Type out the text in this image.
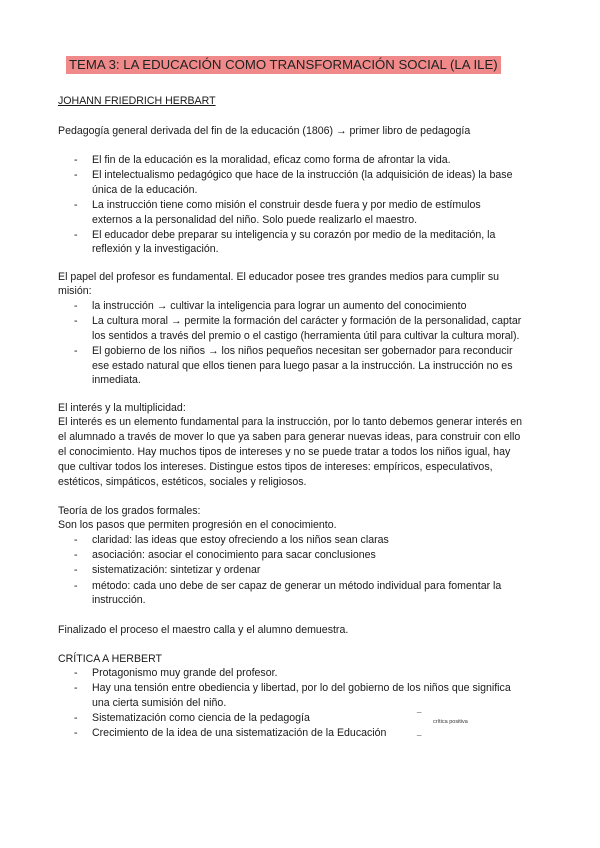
TEMA 3: LA EDUCACIÓN COMO TRANSFORMACIÓN SOCIAL (LA ILE)
JOHANN FRIEDRICH HERBART
Pedagogía general derivada del fin de la educación (1806) → primer libro de pedagogía
-	El fin de la educación es la moralidad, eficaz como forma de afrontar la vida.
-	El intelectualismo pedagógico que hace de la instrucción (la adquisición de ideas) la base
única de la educación.
-	La instrucción tiene como misión el construir desde fuera y por medio de estímulos
externos a la personalidad del niño. Solo puede realizarlo el maestro.
-	El educador debe preparar su inteligencia y su corazón por medio de la meditación, la
reflexión y la investigación.
El papel del profesor es fundamental. El educador posee tres grandes medios para cumplir su
misión:
-	la instrucción → cultivar la inteligencia para lograr un aumento del conocimiento
-	La cultura moral → permite la formación del carácter y formación de la personalidad, captar
los sentidos a través del premio o el castigo (herramienta útil para cultivar la cultura moral).
-	El gobierno de los niños → los niños pequeños necesitan ser gobernador para reconducir
ese estado natural que ellos tienen para luego pasar a la instrucción. La instrucción no es
inmediata.
El interés y la multiplicidad:
El interés es un elemento fundamental para la instrucción, por lo tanto debemos generar interés en
el alumnado a través de mover lo que ya saben para generar nuevas ideas, para construir con ello
el conocimiento. Hay muchos tipos de intereses y no se puede tratar a todos los niños igual, hay
que cultivar todos los intereses. Distingue estos tipos de intereses: empíricos, especulativos,
estéticos, simpáticos, estéticos, sociales y religiosos.
Teoría de los grados formales:
Son los pasos que permiten progresión en el conocimiento.
-	claridad: las ideas que estoy ofreciendo a los niños sean claras
-	asociación: asociar el conocimiento para sacar conclusiones
-	sistematización: sintetizar y ordenar
-	método: cada uno debe de ser capaz de generar un método individual para fomentar la
instrucción.
Finalizado el proceso el maestro calla y el alumno demuestra.
CRÍTICA A HERBERT
-	Protagonismo muy grande del profesor.
-	Hay una tensión entre obediencia y libertad, por lo del gobierno de los niños que significa
una cierta sumisión del niño.
-	Sistematización como ciencia de la pedagogía
-	Crecimiento de la idea de una sistematización de la Educación
_
_
crítica positiva
